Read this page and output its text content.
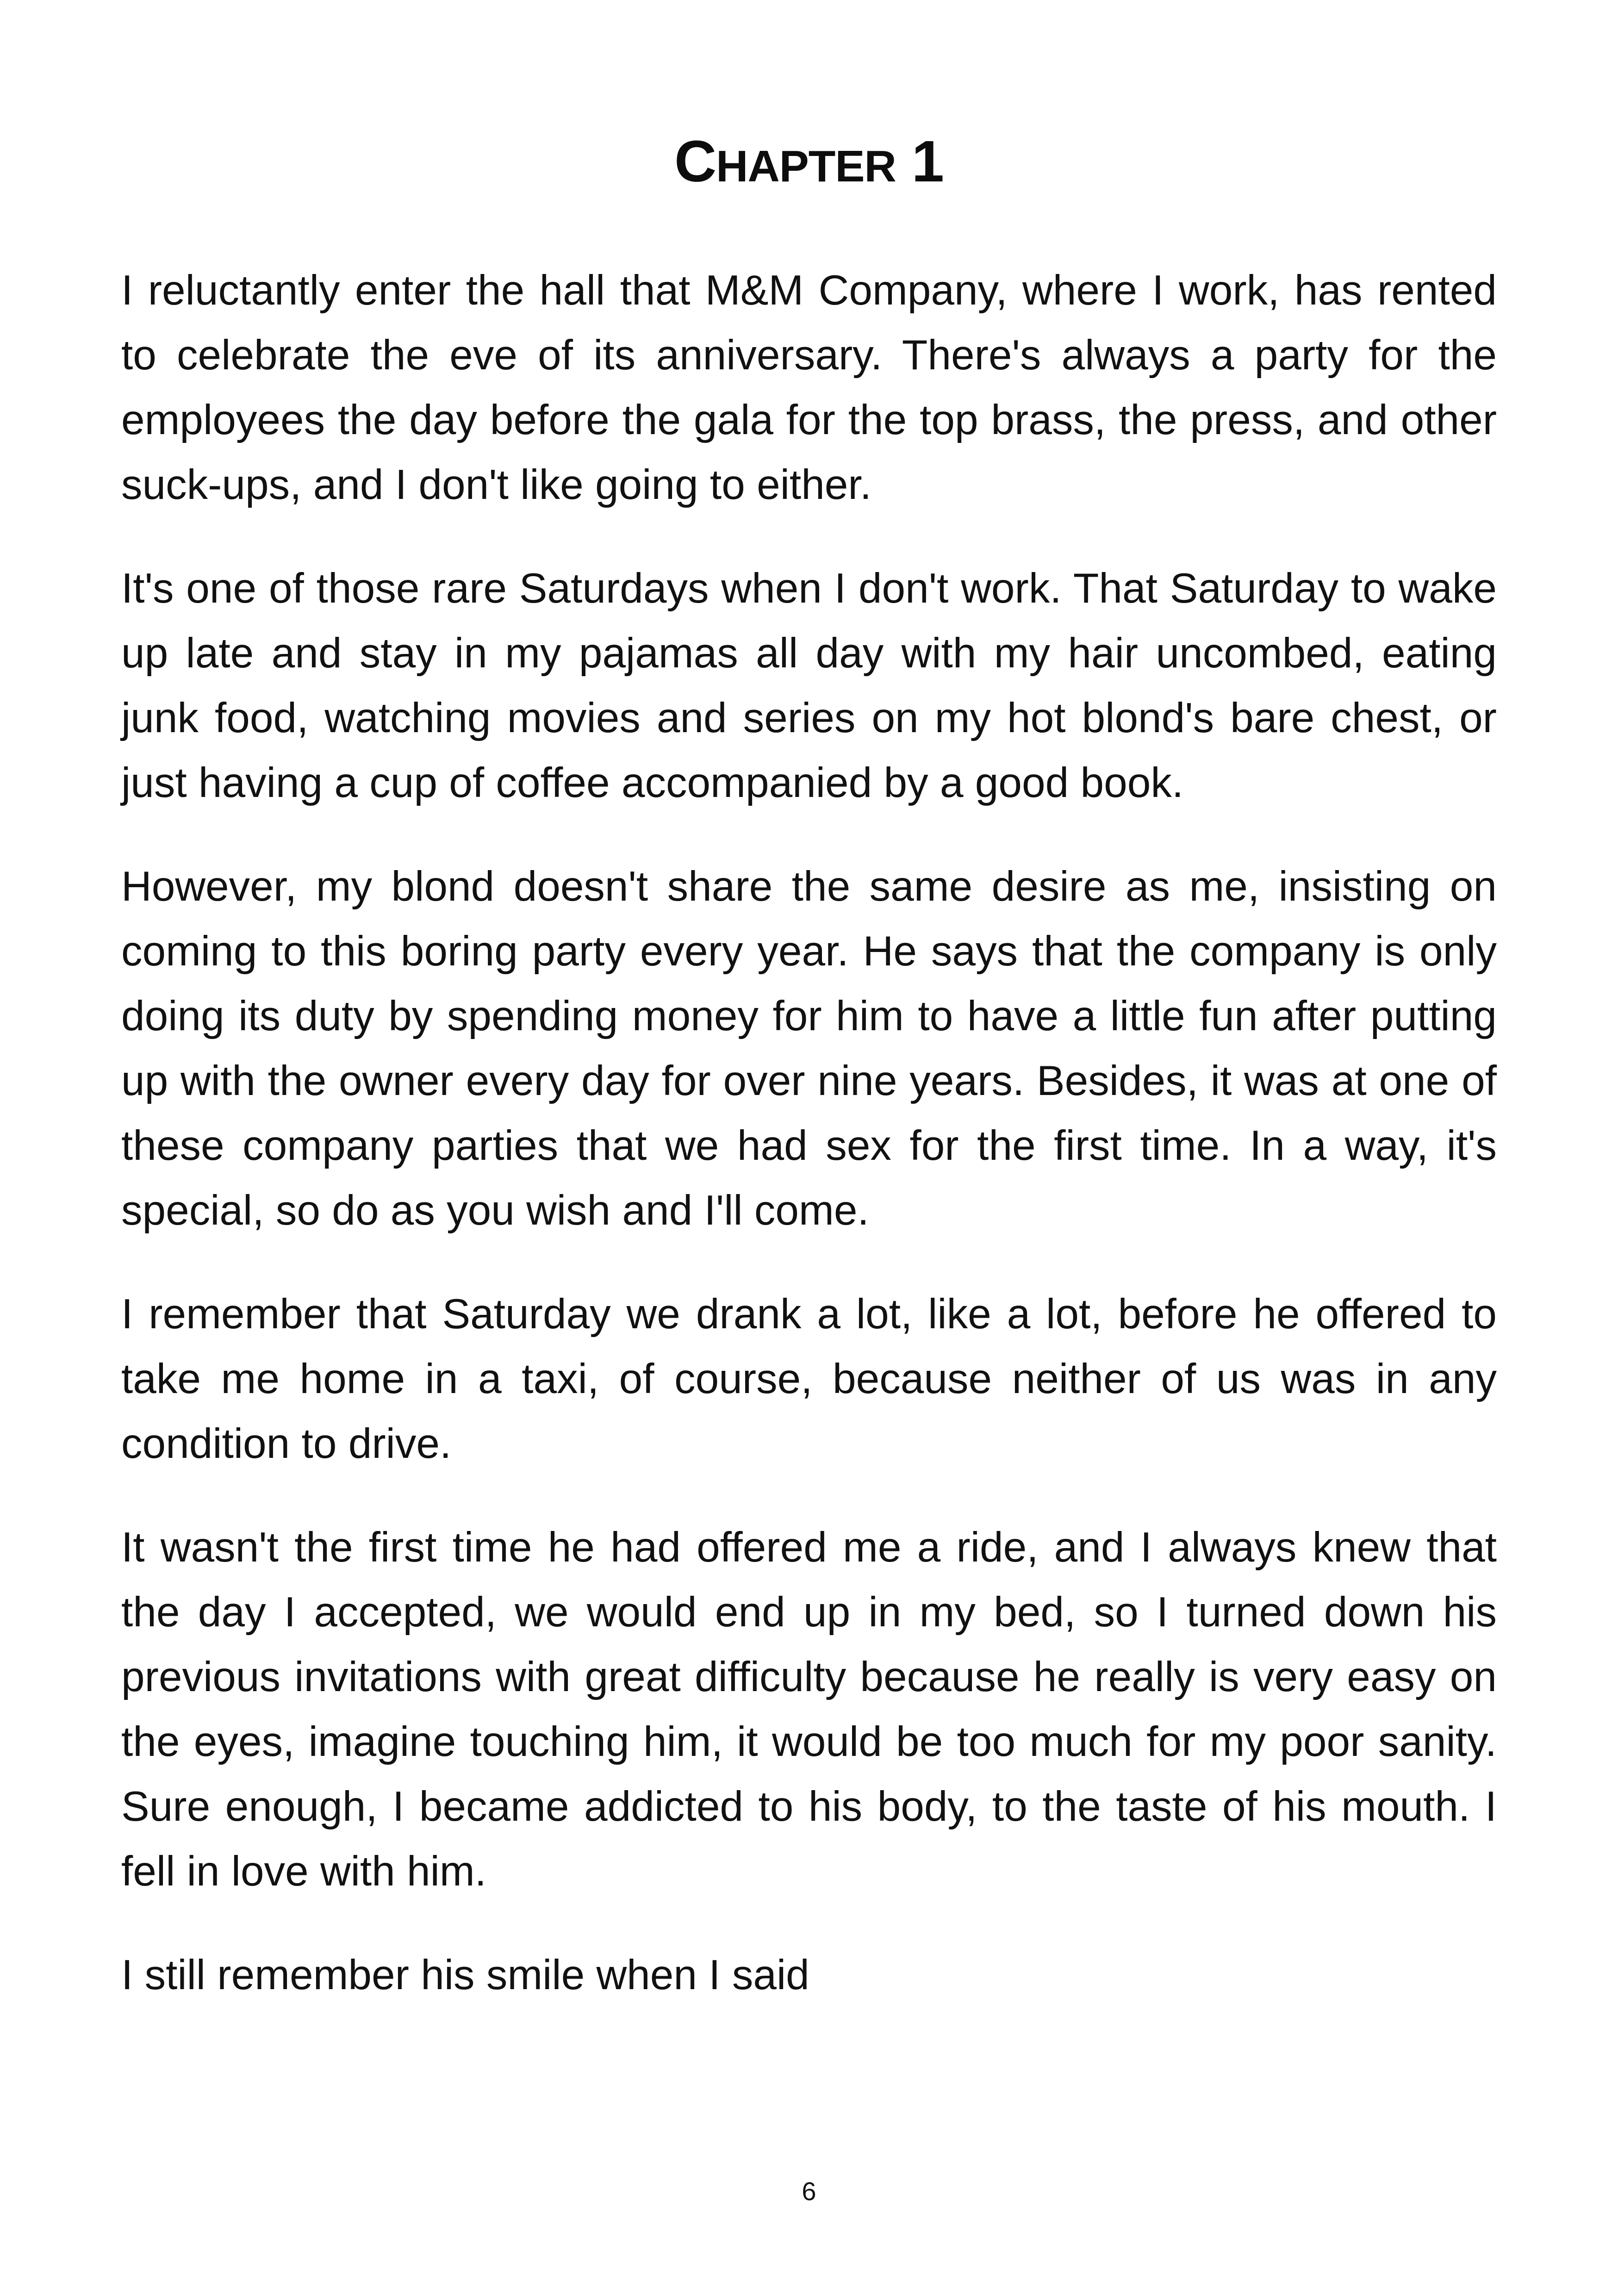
CHAPTER 1

I reluctantly enter the hall that M&M Company, where I work, has rented to celebrate the eve of its anniversary. There's always a party for the employees the day before the gala for the top brass, the press, and other suck-ups, and I don't like going to either.

It's one of those rare Saturdays when I don't work. That Saturday to wake up late and stay in my pajamas all day with my hair uncombed, eating junk food, watching movies and series on my hot blond's bare chest, or just having a cup of coffee accompanied by a good book.

However, my blond doesn't share the same desire as me, insisting on coming to this boring party every year. He says that the company is only doing its duty by spending money for him to have a little fun after putting up with the owner every day for over nine years. Besides, it was at one of these company parties that we had sex for the first time. In a way, it's special, so do as you wish and I'll come.

I remember that Saturday we drank a lot, like a lot, before he offered to take me home in a taxi, of course, because neither of us was in any condition to drive.

It wasn't the first time he had offered me a ride, and I always knew that the day I accepted, we would end up in my bed, so I turned down his previous invitations with great difficulty because he really is very easy on the eyes, imagine touching him, it would be too much for my poor sanity. Sure enough, I became addicted to his body, to the taste of his mouth. I fell in love with him.

I still remember his smile when I said

6
